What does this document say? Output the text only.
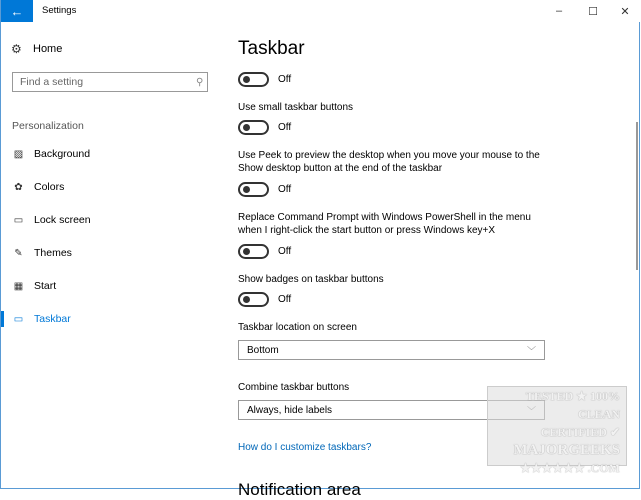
← Settings	– ☐ ✕
⚙ Home
Find a setting
⚲
Personalization
▨ Background
✿ Colors
▭ Lock screen
✎ Themes
▦ Start
▭ Taskbar
Taskbar
Off
Use small taskbar buttons
Off
Use Peek to preview the desktop when you move your mouse to the Show desktop button at the end of the taskbar
Off
Replace Command Prompt with Windows PowerShell in the menu when I right-click the start button or press Windows key+X
Off
Show badges on taskbar buttons
Off
Taskbar location on screen
Bottom	﹀
Combine taskbar buttons
Always, hide labels
How do I customize taskbars?
Notification area
TESTED ★ 100% CLEAN
CERTIFIED ✔
MAJORGEEKS
★★★★★★ .COM
